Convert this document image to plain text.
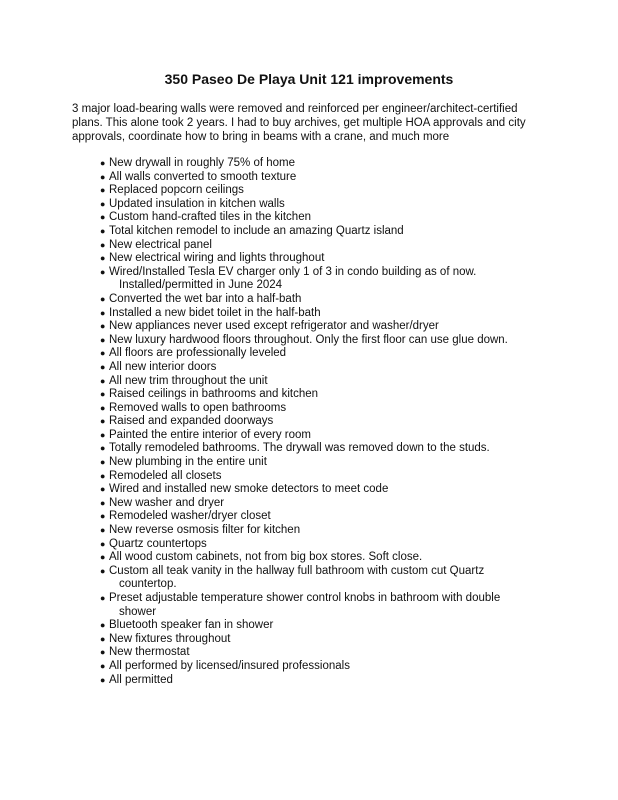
350 Paseo De Playa Unit 121 improvements

3 major load-bearing walls were removed and reinforced per engineer/architect-certified plans. This alone took 2 years. I had to buy archives, get multiple HOA approvals and city approvals, coordinate how to bring in beams with a crane, and much more

● New drywall in roughly 75% of home
● All walls converted to smooth texture
● Replaced popcorn ceilings
● Updated insulation in kitchen walls
● Custom hand-crafted tiles in the kitchen
● Total kitchen remodel to include an amazing Quartz island
● New electrical panel
● New electrical wiring and lights throughout
● Wired/Installed Tesla EV charger only 1 of 3 in condo building as of now.
Installed/permitted in June 2024
● Converted the wet bar into a half-bath
● Installed a new bidet toilet in the half-bath
● New appliances never used except refrigerator and washer/dryer
● New luxury hardwood floors throughout. Only the first floor can use glue down.
● All floors are professionally leveled
● All new interior doors
● All new trim throughout the unit
● Raised ceilings in bathrooms and kitchen
● Removed walls to open bathrooms
● Raised and expanded doorways
● Painted the entire interior of every room
● Totally remodeled bathrooms. The drywall was removed down to the studs.
● New plumbing in the entire unit
● Remodeled all closets
● Wired and installed new smoke detectors to meet code
● New washer and dryer
● Remodeled washer/dryer closet
● New reverse osmosis filter for kitchen
● Quartz countertops
● All wood custom cabinets, not from big box stores. Soft close.
● Custom all teak vanity in the hallway full bathroom with custom cut Quartz
countertop.
● Preset adjustable temperature shower control knobs in bathroom with double
shower
● Bluetooth speaker fan in shower
● New fixtures throughout
● New thermostat
● All performed by licensed/insured professionals
● All permitted
